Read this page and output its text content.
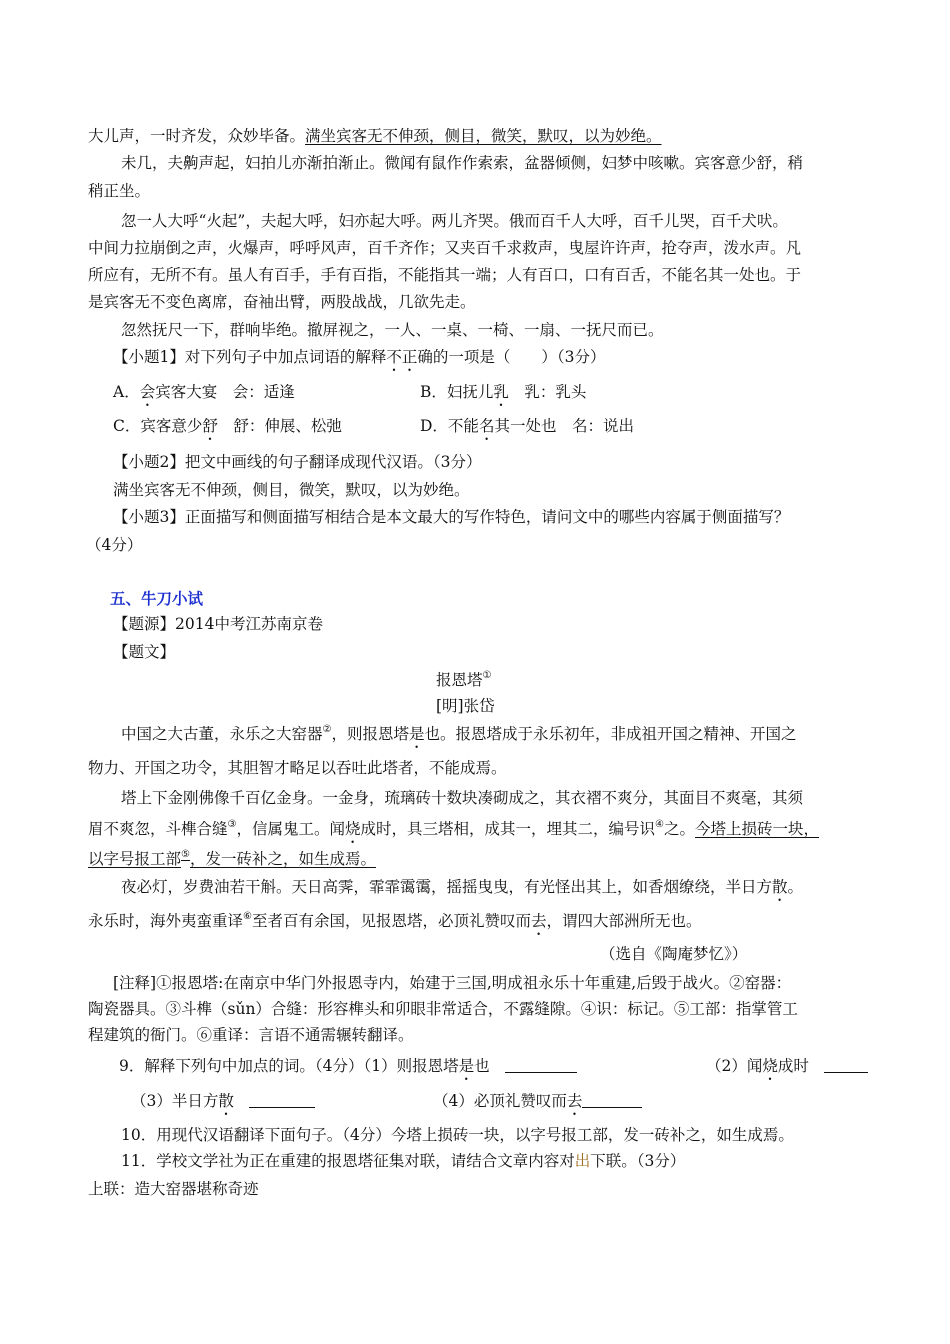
大儿声，一时齐发，众妙毕备。满坐宾客无不伸颈，侧目，微笑，默叹，以为妙绝。
未几，夫齁声起，妇拍儿亦渐拍渐止。微闻有鼠作作索索，盆器倾侧，妇梦中咳嗽。宾客意少舒，稍
稍正坐。
忽一人大呼“火起”，夫起大呼，妇亦起大呼。两儿齐哭。俄而百千人大呼，百千儿哭，百千犬吠。
中间力拉崩倒之声，火爆声，呼呼风声，百千齐作；又夹百千求救声，曳屋许许声，抢夺声，泼水声。凡
所应有，无所不有。虽人有百手，手有百指，不能指其一端；人有百口，口有百舌，不能名其一处也。于
是宾客无不变色离席，奋袖出臂，两股战战，几欲先走。
忽然抚尺一下，群响毕绝。撤屏视之，一人、一桌、一椅、一扇、一抚尺而已。
【小题1】对下列句子中加点词语的解释不正确的一项是（　　）（3分）
A．会宾客大宴　会：适逢	B．妇抚儿乳　乳：乳头
C．宾客意少舒　舒：伸展、松弛	D．不能名其一处也　名：说出
【小题2】把文中画线的句子翻译成现代汉语。（3分）
满坐宾客无不伸颈，侧目，微笑，默叹，以为妙绝。
【小题3】正面描写和侧面描写相结合是本文最大的写作特色，请问文中的哪些内容属于侧面描写？
（4分）
五、牛刀小试
【题源】2014中考江苏南京卷
【题文】
报恩塔①
[明]张岱
中国之大古董，永乐之大窑器②，则报恩塔是也。报恩塔成于永乐初年，非成祖开国之精神、开国之
物力、开国之功令，其胆智才略足以吞吐此塔者，不能成焉。
塔上下金刚佛像千百亿金身。一金身，琉璃砖十数块凑砌成之，其衣褶不爽分，其面目不爽毫，其须
眉不爽忽，斗榫合缝③，信属鬼工。闻烧成时，具三塔相，成其一，埋其二，编号识④之。今塔上损砖一块，
以字号报工部⑤，发一砖补之，如生成焉。
夜必灯，岁费油若干斛。天日高霁，霏霏霭霭，摇摇曳曳，有光怪出其上，如香烟缭绕，半日方散。
永乐时，海外夷蛮重译⑥至者百有余国，见报恩塔，必顶礼赞叹而去，谓四大部洲所无也。
（选自《陶庵梦忆》）
[注释]①报恩塔:在南京中华门外报恩寺内，始建于三国,明成祖永乐十年重建,后毁于战火。②窑器：
陶瓷器具。③斗榫（sǔn）合缝：形容榫头和卯眼非常适合，不露缝隙。④识：标记。⑤工部：指掌管工
程建筑的衙门。⑥重译：言语不通需辗转翻译。
9．解释下列句中加点的词。（4分）（1）则报恩塔是也 	（2）闻烧成时 
（3）半日方散 	（4）必顶礼赞叹而去
10．用现代汉语翻译下面句子。（4分）今塔上损砖一块，以字号报工部，发一砖补之，如生成焉。
11．学校文学社为正在重建的报恩塔征集对联，请结合文章内容对出下联。（3分）
上联：造大窑器堪称奇迹
